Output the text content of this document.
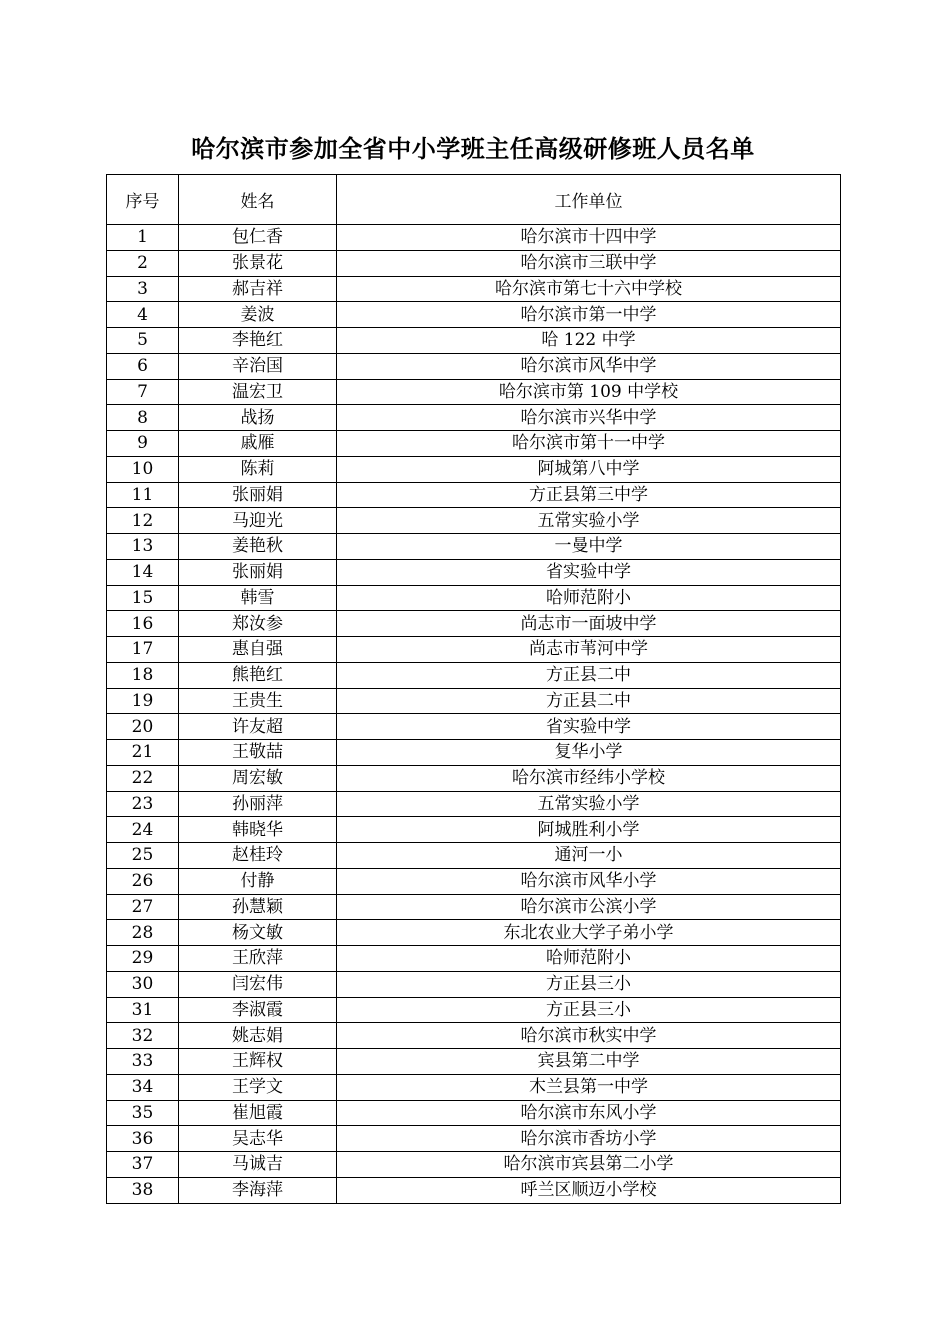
哈尔滨市参加全省中小学班主任高级研修班人员名单
序号	姓名	工作单位
1	包仁香	哈尔滨市十四中学
2	张景花	哈尔滨市三联中学
3	郝吉祥	哈尔滨市第七十六中学校
4	姜波	哈尔滨市第一中学
5	李艳红	哈 122 中学
6	辛治国	哈尔滨市风华中学
7	温宏卫	哈尔滨市第 109 中学校
8	战扬	哈尔滨市兴华中学
9	戚雁	哈尔滨市第十一中学
10	陈莉	阿城第八中学
11	张丽娟	方正县第三中学
12	马迎光	五常实验小学
13	姜艳秋	一曼中学
14	张丽娟	省实验中学
15	韩雪	哈师范附小
16	郑汝参	尚志市一面坡中学
17	惠自强	尚志市苇河中学
18	熊艳红	方正县二中
19	王贵生	方正县二中
20	许友超	省实验中学
21	王敬喆	复华小学
22	周宏敏	哈尔滨市经纬小学校
23	孙丽萍	五常实验小学
24	韩晓华	阿城胜利小学
25	赵桂玲	通河一小
26	付静	哈尔滨市风华小学
27	孙慧颖	哈尔滨市公滨小学
28	杨文敏	东北农业大学子弟小学
29	王欣萍	哈师范附小
30	闫宏伟	方正县三小
31	李淑霞	方正县三小
32	姚志娟	哈尔滨市秋实中学
33	王辉权	宾县第二中学
34	王学文	木兰县第一中学
35	崔旭霞	哈尔滨市东风小学
36	吴志华	哈尔滨市香坊小学
37	马诚吉	哈尔滨市宾县第二小学
38	李海萍	呼兰区顺迈小学校
